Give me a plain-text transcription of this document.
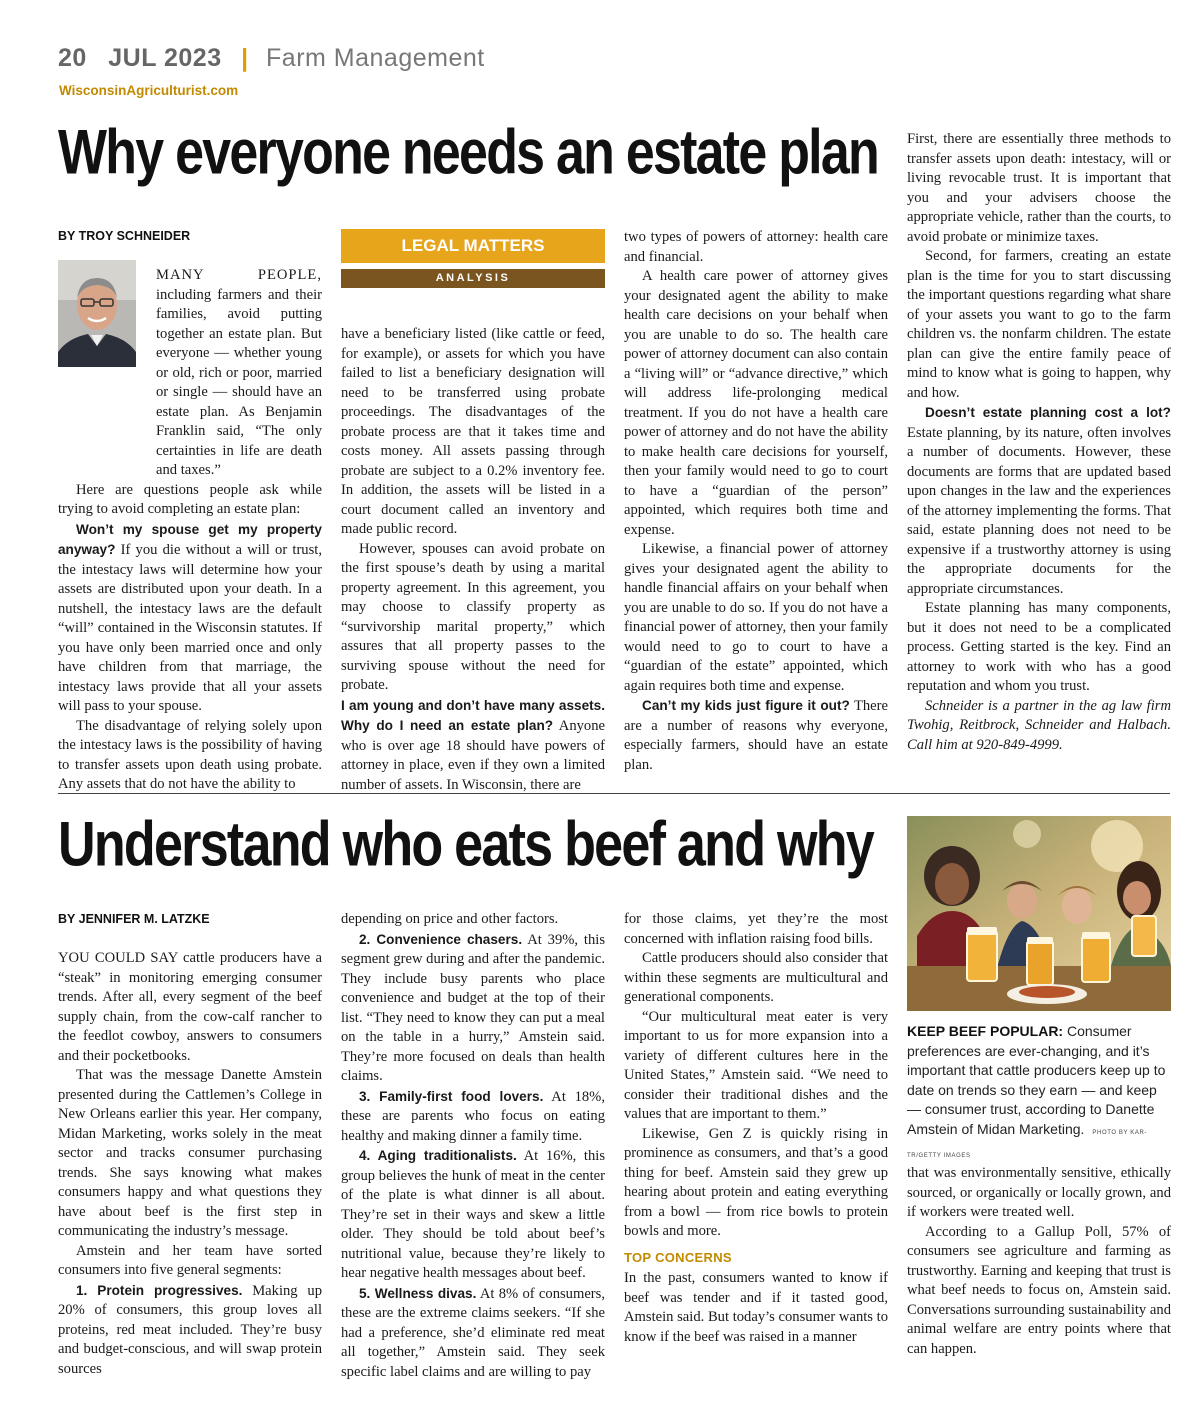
20 JUL 2023 | Farm Management
WisconsinAgriculturist.com
Why everyone needs an estate plan
BY TROY SCHNEIDER

MANY PEOPLE, including farmers and their families, avoid putting together an estate plan. But everyone — whether young or old, rich or poor, married or single — should have an estate plan. As Benjamin Franklin said, “The only certainties in life are death and taxes.”

Here are questions people ask while trying to avoid completing an estate plan:

Won’t my spouse get my property anyway? If you die without a will or trust, the intestacy laws will determine how your assets are distributed upon your death. In a nutshell, the intestacy laws are the default “will” contained in the Wisconsin statutes. If you have only been married once and only have children from that marriage, the intestacy laws provide that all your assets will pass to your spouse.

The disadvantage of relying solely upon the intestacy laws is the possibility of having to transfer assets upon death using probate. Any assets that do not have the ability to

LEGAL MATTERS
ANALYSIS

have a beneficiary listed (like cattle or feed, for example), or assets for which you have failed to list a beneficiary designation will need to be transferred using probate proceedings. The disadvantages of the probate process are that it takes time and costs money. All assets passing through probate are subject to a 0.2% inventory fee. In addition, the assets will be listed in a court document called an inventory and made public record.

However, spouses can avoid probate on the first spouse’s death by using a marital property agreement. In this agreement, you may choose to classify property as “survivorship marital property,” which assures that all property passes to the surviving spouse without the need for probate.

I am young and don’t have many assets. Why do I need an estate plan? Anyone who is over age 18 should have powers of attorney in place, even if they own a limited number of assets. In Wisconsin, there are

two types of powers of attorney: health care and financial.

A health care power of attorney gives your designated agent the ability to make health care decisions on your behalf when you are unable to do so. The health care power of attorney document can also contain a “living will” or “advance directive,” which will address life-prolonging medical treatment. If you do not have a health care power of attorney and do not have the ability to make health care decisions for yourself, then your family would need to go to court to have a “guardian of the person” appointed, which requires both time and expense.

Likewise, a financial power of attorney gives your designated agent the ability to handle financial affairs on your behalf when you are unable to do so. If you do not have a financial power of attorney, then your family would need to go to court to have a “guardian of the estate” appointed, which again requires both time and expense.

Can’t my kids just figure it out? There are a number of reasons why everyone, especially farmers, should have an estate plan.

First, there are essentially three methods to transfer assets upon death: intestacy, will or living revocable trust. It is important that you and your advisers choose the appropriate vehicle, rather than the courts, to avoid probate or minimize taxes.

Second, for farmers, creating an estate plan is the time for you to start discussing the important questions regarding what share of your assets you want to go to the farm children vs. the nonfarm children. The estate plan can give the entire family peace of mind to know what is going to happen, why and how.

Doesn’t estate planning cost a lot? Estate planning, by its nature, often involves a number of documents. However, these documents are forms that are updated based upon changes in the law and the experiences of the attorney implementing the forms. That said, estate planning does not need to be expensive if a trustworthy attorney is using the appropriate documents for the appropriate circumstances.

Estate planning has many components, but it does not need to be a complicated process. Getting started is the key. Find an attorney to work with who has a good reputation and whom you trust.

Schneider is a partner in the ag law firm Twohig, Reitbrock, Schneider and Halbach. Call him at 920-849-4999.

Understand who eats beef and why
BY JENNIFER M. LATZKE

YOU COULD SAY cattle producers have a “steak” in monitoring emerging consumer trends. After all, every segment of the beef supply chain, from the cow-calf rancher to the feedlot cowboy, answers to consumers and their pocketbooks.

That was the message Danette Amstein presented during the Cattlemen’s College in New Orleans earlier this year. Her company, Midan Marketing, works solely in the meat sector and tracks consumer purchasing trends. She says knowing what makes consumers happy and what questions they have about beef is the first step in communicating the industry’s message.

Amstein and her team have sorted consumers into five general segments:

1. Protein progressives. Making up 20% of consumers, this group loves all proteins, red meat included. They’re busy and budget-conscious, and will swap protein sources

depending on price and other factors.

2. Convenience chasers. At 39%, this segment grew during and after the pandemic. They include busy parents who place convenience and budget at the top of their list. “They need to know they can put a meal on the table in a hurry,” Amstein said. They’re more focused on deals than health claims.

3. Family-first food lovers. At 18%, these are parents who focus on eating healthy and making dinner a family time.

4. Aging traditionalists. At 16%, this group believes the hunk of meat in the center of the plate is what dinner is all about. They’re set in their ways and skew a little older. They should be told about beef’s nutritional value, because they’re likely to hear negative health messages about beef.

5. Wellness divas. At 8% of consumers, these are the extreme claims seekers. “If she had a preference, she’d eliminate red meat all together,” Amstein said. They seek specific label claims and are willing to pay

for those claims, yet they’re the most concerned with inflation raising food bills.

Cattle producers should also consider that within these segments are multicultural and generational components.

“Our multicultural meat eater is very important to us for more expansion into a variety of different cultures here in the United States,” Amstein said. “We need to consider their traditional dishes and the values that are important to them.”

Likewise, Gen Z is quickly rising in prominence as consumers, and that’s a good thing for beef. Amstein said they grew up hearing about protein and eating everything from a bowl — from rice bowls to protein bowls and more.

TOP CONCERNS

In the past, consumers wanted to know if beef was tender and if it tasted good, Amstein said. But today’s consumer wants to know if the beef was raised in a manner

KEEP BEEF POPULAR: Consumer preferences are ever-changing, and it’s important that cattle producers keep up to date on trends so they earn — and keep — consumer trust, according to Danette Amstein of Midan Marketing. PHOTO BY KAR-TR/GETTY IMAGES

that was environmentally sensitive, ethically sourced, or organically or locally grown, and if workers were treated well.

According to a Gallup Poll, 57% of consumers see agriculture and farming as trustworthy. Earning and keeping that trust is what beef needs to focus on, Amstein said. Conversations surrounding sustainability and animal welfare are entry points where that can happen.
